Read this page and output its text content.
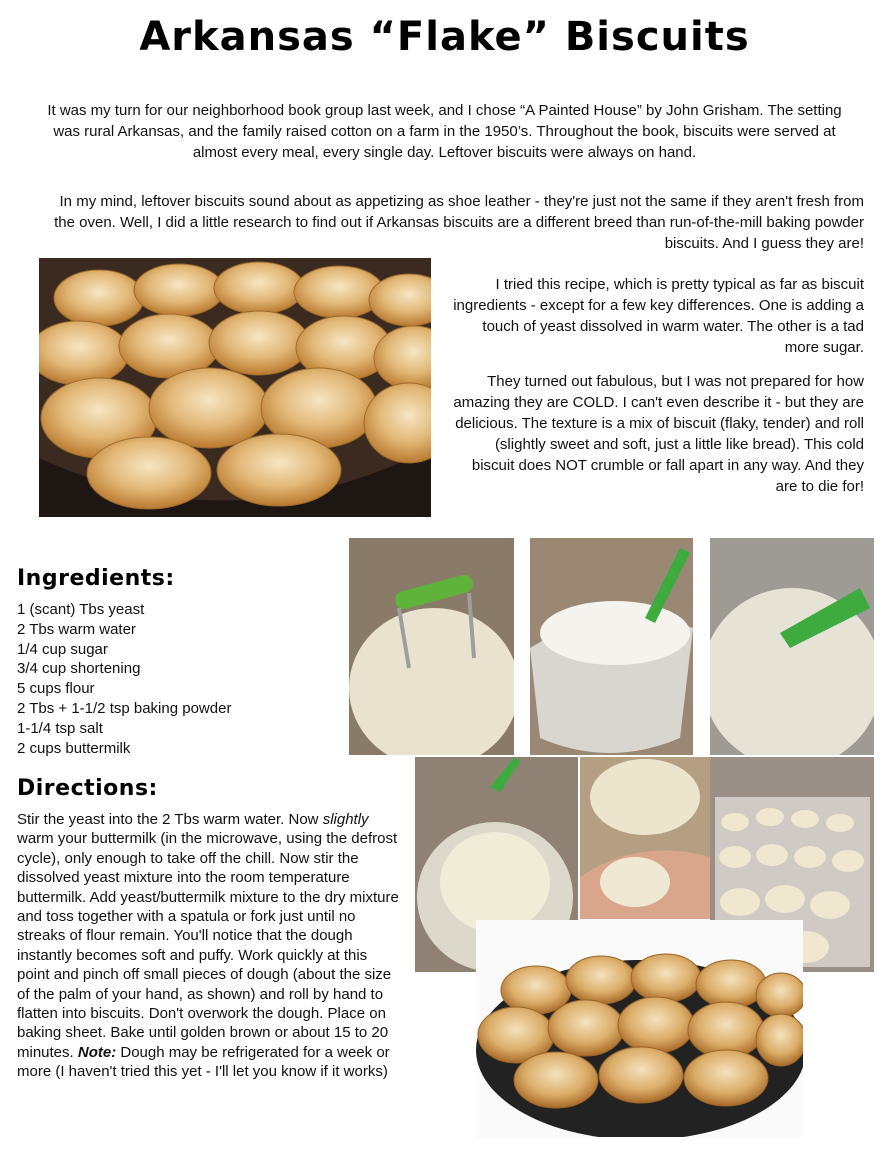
Arkansas “Flake” Biscuits

It was my turn for our neighborhood book group last week, and I chose “A Painted House” by John Grisham. The setting was rural Arkansas, and the family raised cotton on a farm in the 1950’s. Throughout the book, biscuits were served at almost every meal, every single day. Leftover biscuits were always on hand.

In my mind, leftover biscuits sound about as appetizing as shoe leather - they're just not the same if they aren't fresh from the oven. Well, I did a little research to find out if Arkansas biscuits are a different breed than run-of-the-mill baking powder biscuits. And I guess they are!

I tried this recipe, which is pretty typical as far as biscuit ingredients - except for a few key differences. One is adding a touch of yeast dissolved in warm water. The other is a tad more sugar.

They turned out fabulous, but I was not prepared for how amazing they are COLD. I can't even describe it - but they are delicious. The texture is a mix of biscuit (flaky, tender) and roll (slightly sweet and soft, just a little like bread). This cold biscuit does NOT crumble or fall apart in any way. And they are to die for!

Ingredients:
1 (scant) Tbs yeast
2 Tbs warm water
1/4 cup sugar
3/4 cup shortening
5 cups flour
2 Tbs + 1-1/2 tsp baking powder
1-1/4 tsp salt
2 cups buttermilk
Directions:
Stir the yeast into the 2 Tbs warm water. Now slightly warm your buttermilk (in the microwave, using the defrost cycle), only enough to take off the chill. Now stir the dissolved yeast mixture into the room temperature buttermilk. Add yeast/buttermilk mixture to the dry mixture and toss together with a spatula or fork just until no streaks of flour remain. You'll notice that the dough instantly becomes soft and puffy. Work quickly at this point and pinch off small pieces of dough (about the size of the palm of your hand, as shown) and roll by hand to flatten into biscuits. Don't overwork the dough. Place on baking sheet. Bake until golden brown or about 15 to 20 minutes. Note: Dough may be refrigerated for a week or more (I haven't tried this yet - I'll let you know if it works)
